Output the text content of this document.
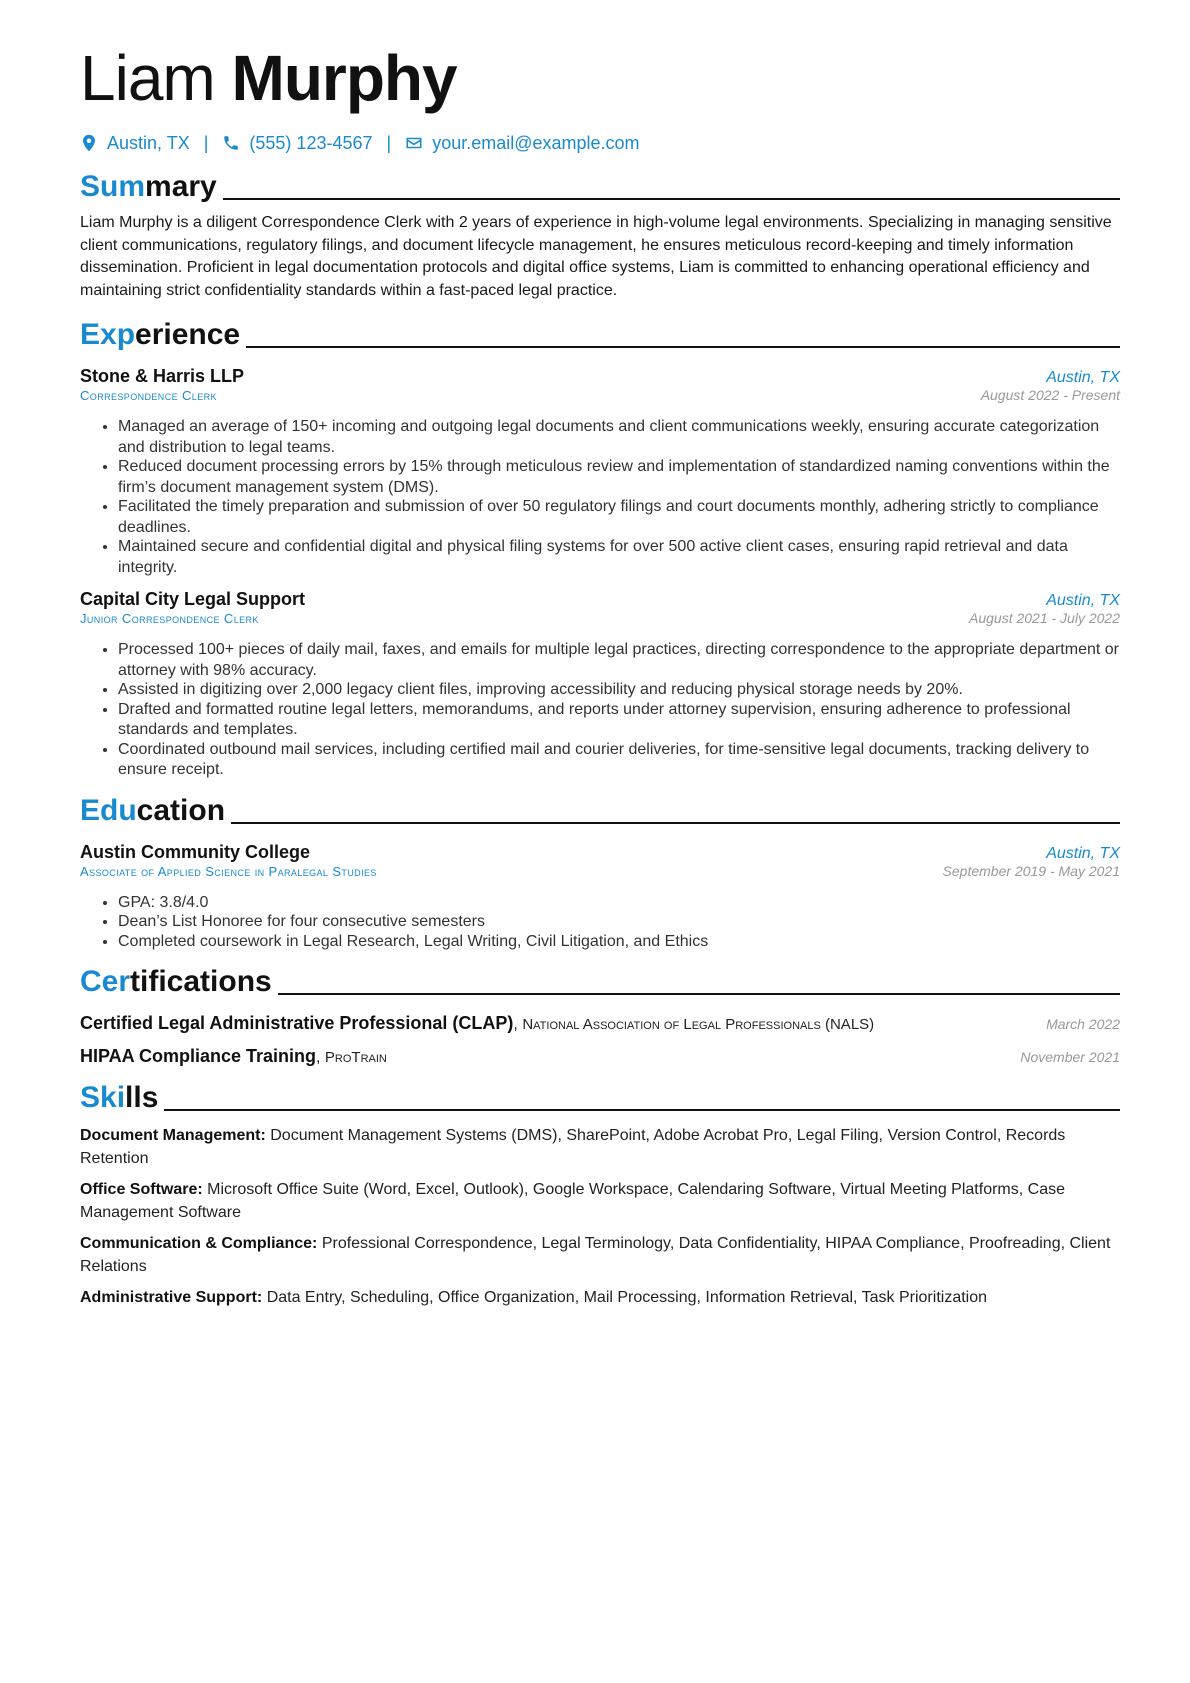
Liam Murphy
Austin, TX | (555) 123-4567 | your.email@example.com
Summary
Liam Murphy is a diligent Correspondence Clerk with 2 years of experience in high-volume legal environments. Specializing in managing sensitive client communications, regulatory filings, and document lifecycle management, he ensures meticulous record-keeping and timely information dissemination. Proficient in legal documentation protocols and digital office systems, Liam is committed to enhancing operational efficiency and maintaining strict confidentiality standards within a fast-paced legal practice.
Experience
Stone & Harris LLP	Austin, TX
Correspondence Clerk	August 2022 - Present
• Managed an average of 150+ incoming and outgoing legal documents and client communications weekly, ensuring accurate categorization and distribution to legal teams.
• Reduced document processing errors by 15% through meticulous review and implementation of standardized naming conventions within the firm’s document management system (DMS).
• Facilitated the timely preparation and submission of over 50 regulatory filings and court documents monthly, adhering strictly to compliance deadlines.
• Maintained secure and confidential digital and physical filing systems for over 500 active client cases, ensuring rapid retrieval and data integrity.
Capital City Legal Support	Austin, TX
Junior Correspondence Clerk	August 2021 - July 2022
• Processed 100+ pieces of daily mail, faxes, and emails for multiple legal practices, directing correspondence to the appropriate department or attorney with 98% accuracy.
• Assisted in digitizing over 2,000 legacy client files, improving accessibility and reducing physical storage needs by 20%.
• Drafted and formatted routine legal letters, memorandums, and reports under attorney supervision, ensuring adherence to professional standards and templates.
• Coordinated outbound mail services, including certified mail and courier deliveries, for time-sensitive legal documents, tracking delivery to ensure receipt.
Education
Austin Community College	Austin, TX
Associate of Applied Science in Paralegal Studies	September 2019 - May 2021
• GPA: 3.8/4.0
• Dean’s List Honoree for four consecutive semesters
• Completed coursework in Legal Research, Legal Writing, Civil Litigation, and Ethics
Certifications
Certified Legal Administrative Professional (CLAP), National Association of Legal Professionals (NALS)	March 2022
HIPAA Compliance Training, ProTrain	November 2021
Skills
Document Management: Document Management Systems (DMS), SharePoint, Adobe Acrobat Pro, Legal Filing, Version Control, Records Retention
Office Software: Microsoft Office Suite (Word, Excel, Outlook), Google Workspace, Calendaring Software, Virtual Meeting Platforms, Case Management Software
Communication & Compliance: Professional Correspondence, Legal Terminology, Data Confidentiality, HIPAA Compliance, Proofreading, Client Relations
Administrative Support: Data Entry, Scheduling, Office Organization, Mail Processing, Information Retrieval, Task Prioritization
